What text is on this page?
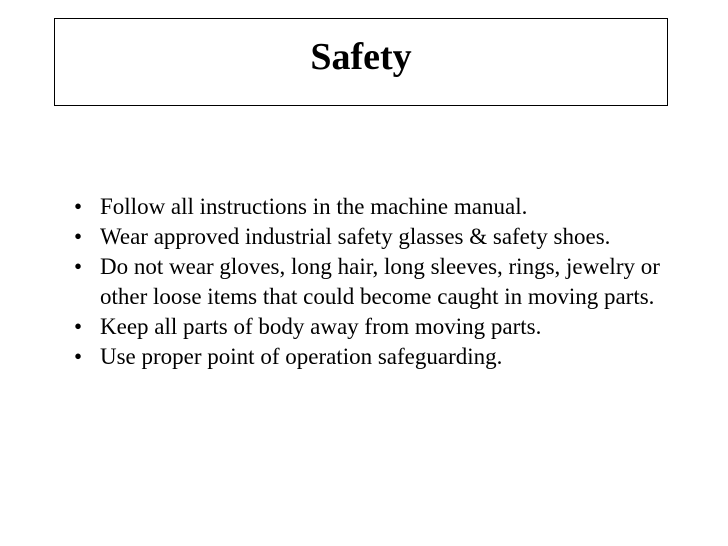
Safety
• Follow all instructions in the machine manual.
• Wear approved industrial safety glasses & safety shoes.
• Do not wear gloves, long hair, long sleeves, rings, jewelry or other loose items that could become caught in moving parts.
• Keep all parts of body away from moving parts.
• Use proper point of operation safeguarding.
